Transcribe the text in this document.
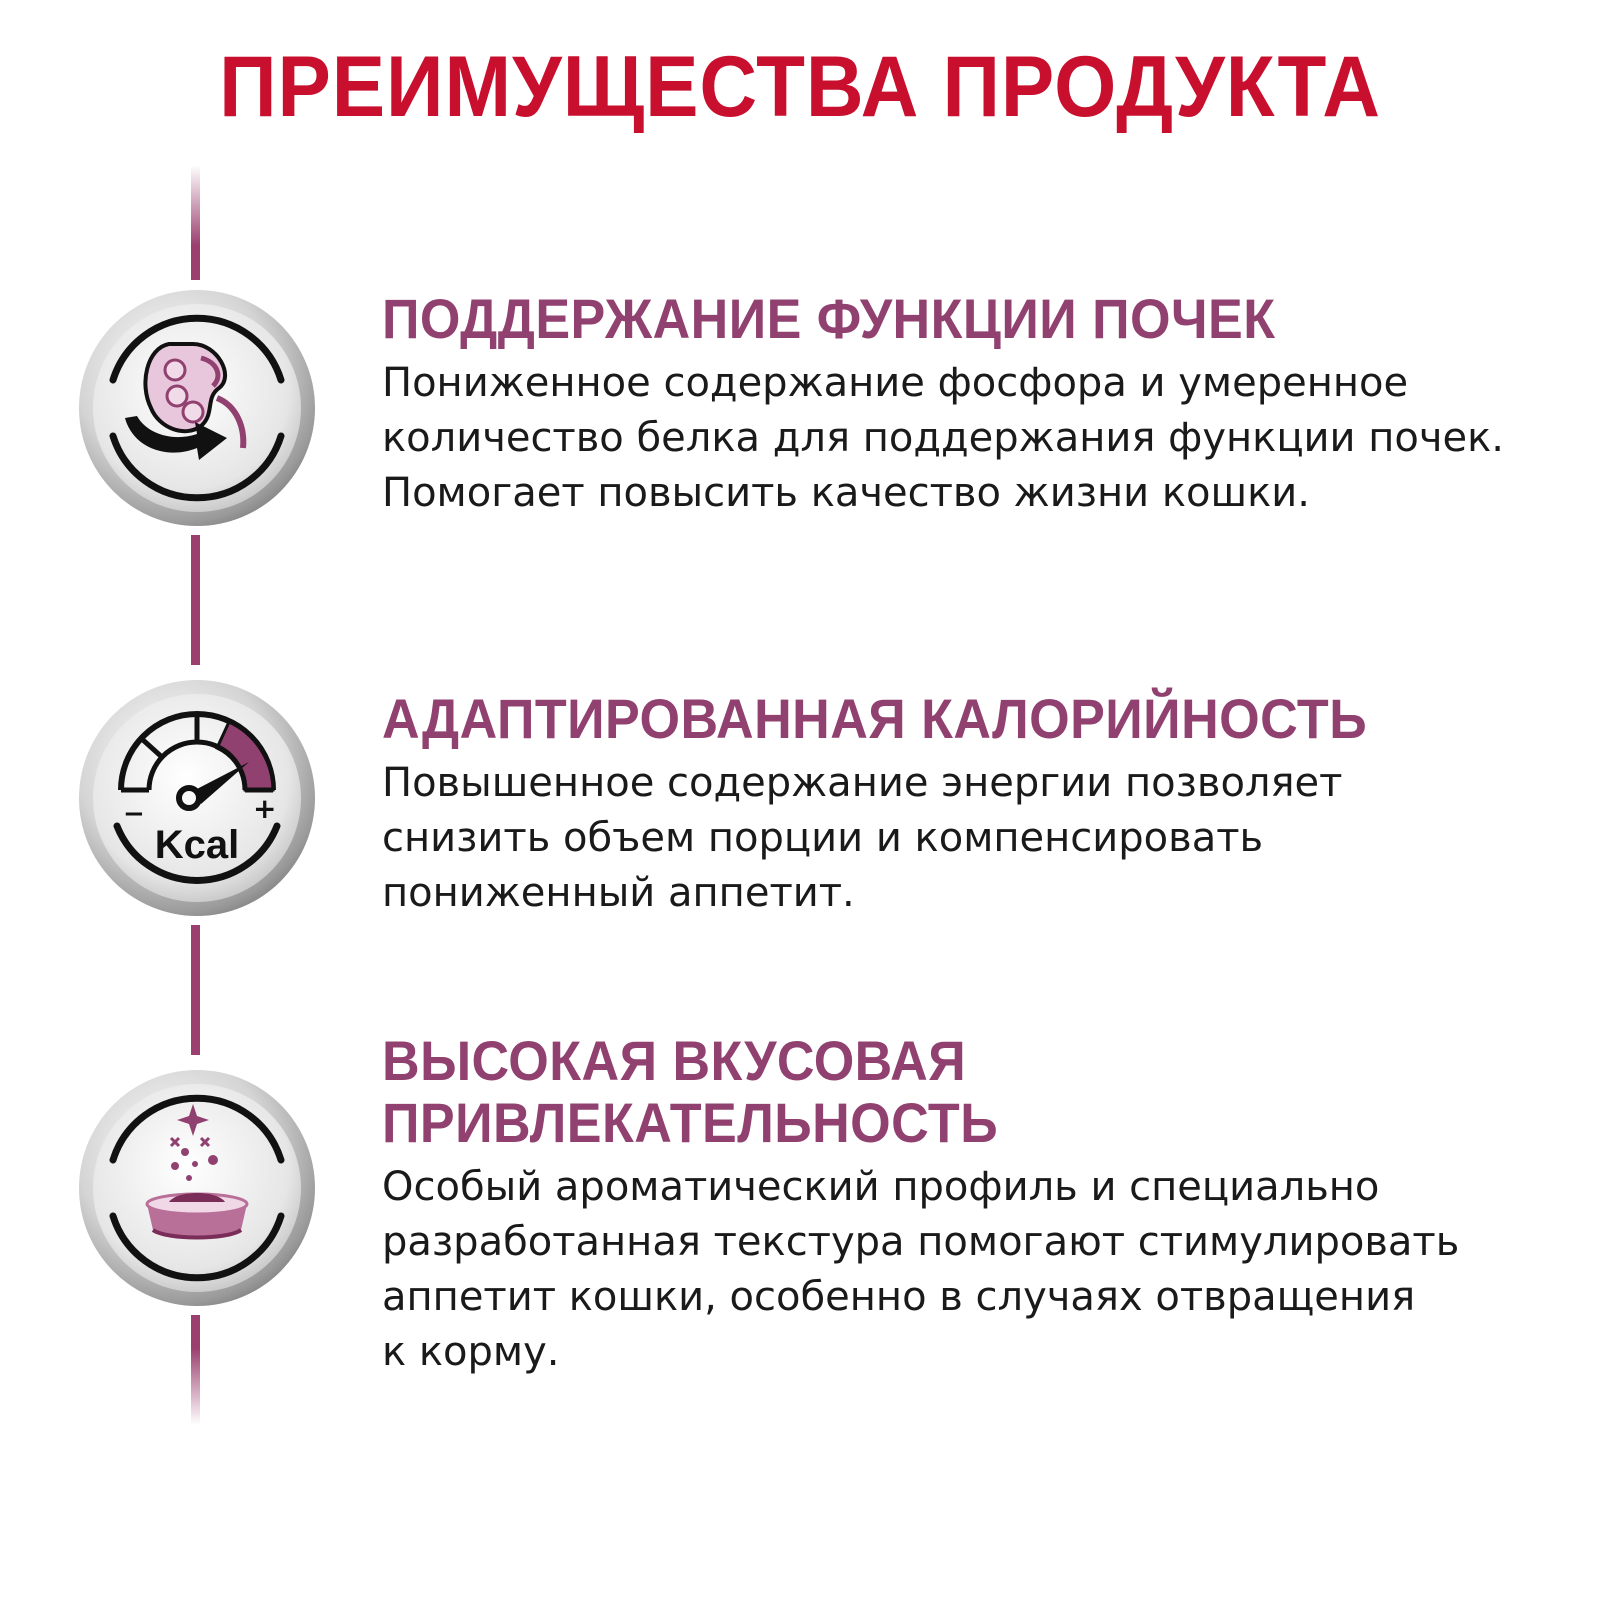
ПРЕИМУЩЕСТВА ПРОДУКТА
−	+
Kcal
ПОДДЕРЖАНИЕ ФУНКЦИИ ПОЧЕК

Пониженное содержание фосфора и умеренное
количество белка для поддержания функции почек.
Помогает повысить качество жизни кошки.

АДАПТИРОВАННАЯ КАЛОРИЙНОСТЬ

Повышенное содержание энергии позволяет
снизить объем порции и компенсировать
пониженный аппетит.

ВЫСОКАЯ ВКУСОВАЯ
ПРИВЛЕКАТЕЛЬНОСТЬ

Особый ароматический профиль и специально
разработанная текстура помогают стимулировать
аппетит кошки, особенно в случаях отвращения
к корму.
